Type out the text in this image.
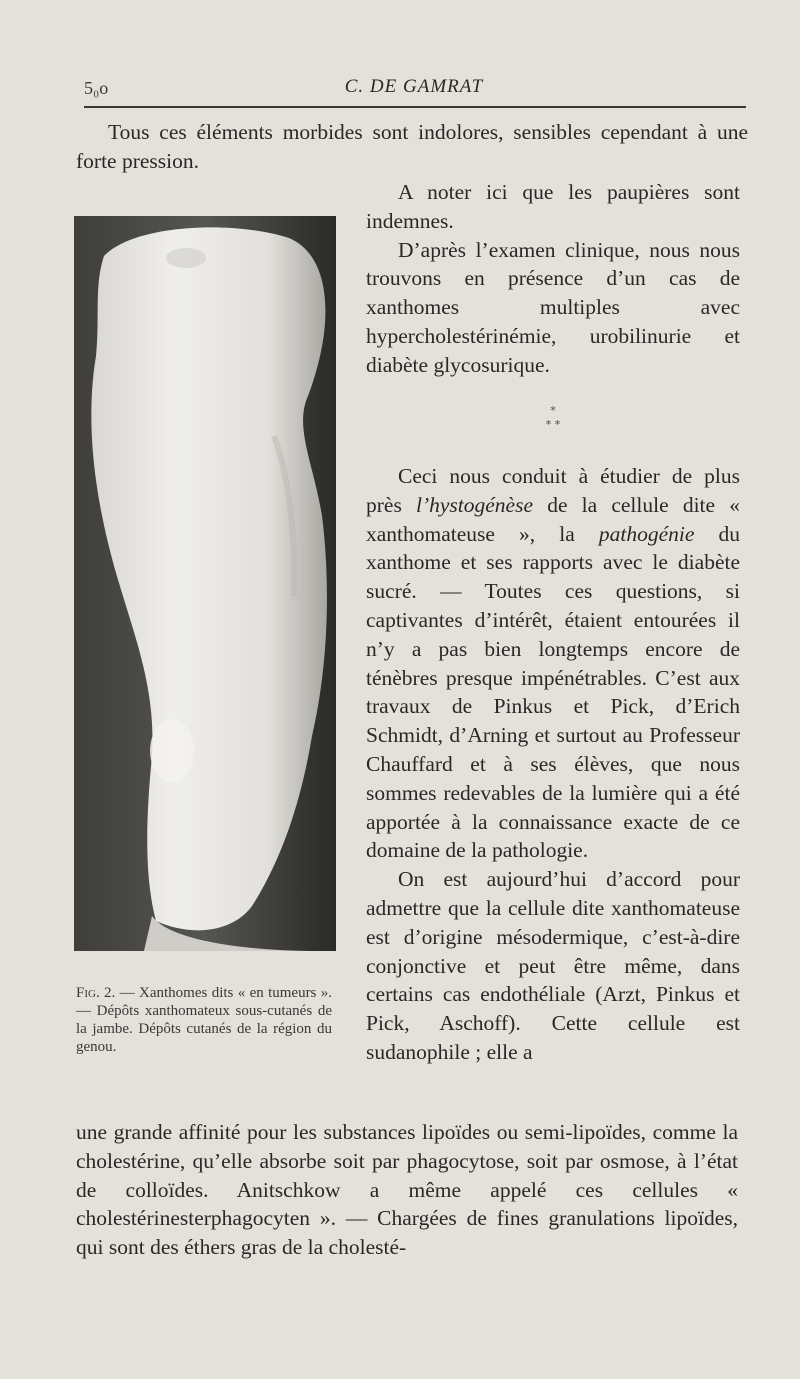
5₀o	C. DE GAMRAT

Tous ces éléments morbides sont indolores, sensibles cependant à une forte pression.

A noter ici que les paupières sont indemnes.

D’après l’examen clinique, nous nous trouvons en présence d’un cas de xanthomes multiples avec hypercholestérinémie, urobilinurie et diabète glycosurique.

*
* *

Ceci nous conduit à étudier de plus près l’hystogénèse de la cellule dite « xanthomateuse », la pathogénie du xanthome et ses rapports avec le diabète sucré. — Toutes ces questions, si captivantes d’intérêt, étaient entourées il n’y a pas bien longtemps encore de ténèbres presque impénétrables. C’est aux travaux de Pinkus et Pick, d’Erich Schmidt, d’Arning et surtout au Professeur Chauffard et à ses élèves, que nous sommes redevables de la lumière qui a été apportée à la connaissance exacte de ce domaine de la pathologie.

On est aujourd’hui d’accord pour admettre que la cellule dite xanthomateuse est d’origine mésodermique, c’est-à-dire conjonctive et peut être même, dans certains cas endothéliale (Arzt, Pinkus et Pick, Aschoff). Cette cellule est sudanophile ; elle a

une grande affinité pour les substances lipoïdes ou semi-lipoïdes, comme la cholestérine, qu’elle absorbe soit par phagocytose, soit par osmose, à l’état de colloïdes. Anitschkow a même appelé ces cellules « cholestérinesterphagocyten ». — Chargées de fines granulations lipoïdes, qui sont des éthers gras de la cholesté-

Fig. 2. — Xanthomes dits « en tumeurs ». — Dépôts xanthomateux sous-cutanés de la jambe. Dépôts cutanés de la région du genou.
